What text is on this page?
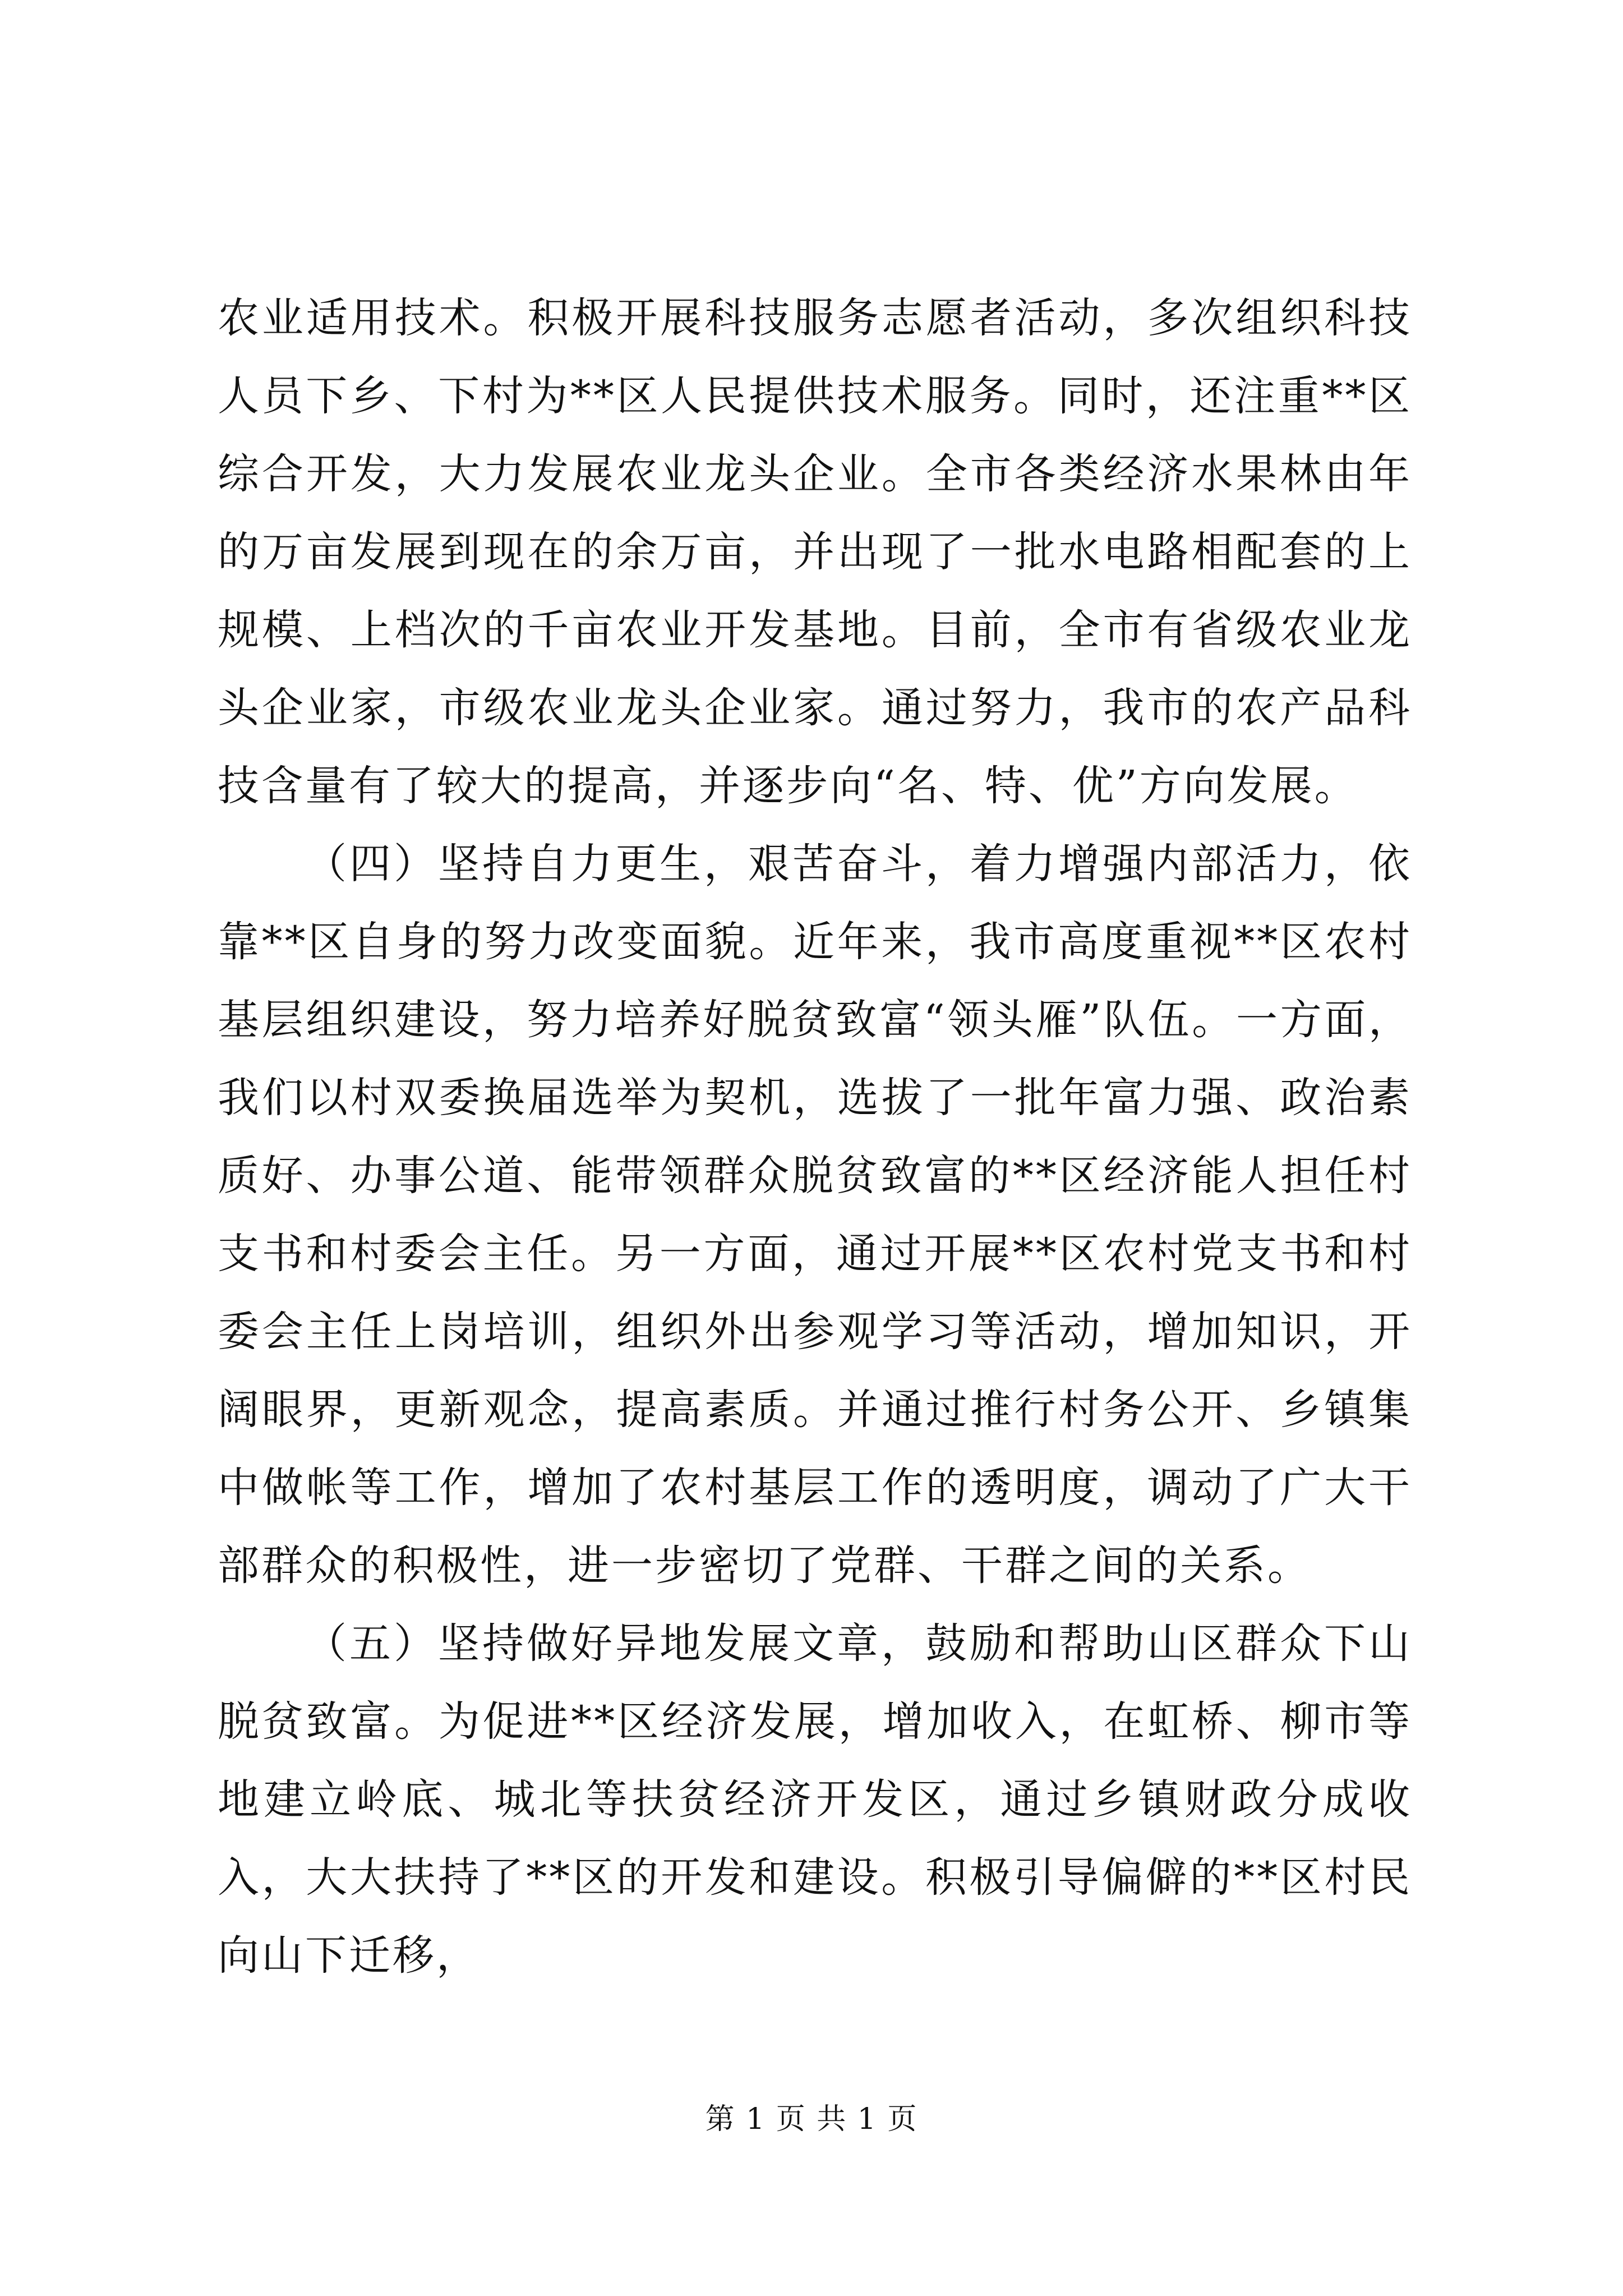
农业适用技术。积极开展科技服务志愿者活动，多次组织科技人员下乡、下村为**区人民提供技术服务。同时，还注重**区综合开发，大力发展农业龙头企业。全市各类经济水果林由年的万亩发展到现在的余万亩，并出现了一批水电路相配套的上规模、上档次的千亩农业开发基地。目前，全市有省级农业龙头企业家，市级农业龙头企业家。通过努力，我市的农产品科技含量有了较大的提高，并逐步向“名、特、优”方向发展。

（四）坚持自力更生，艰苦奋斗，着力增强内部活力，依靠**区自身的努力改变面貌。近年来，我市高度重视**区农村基层组织建设，努力培养好脱贫致富“领头雁”队伍。一方面，我们以村双委换届选举为契机，选拔了一批年富力强、政治素质好、办事公道、能带领群众脱贫致富的**区经济能人担任村支书和村委会主任。另一方面，通过开展**区农村党支书和村委会主任上岗培训，组织外出参观学习等活动，增加知识，开阔眼界，更新观念，提高素质。并通过推行村务公开、乡镇集中做帐等工作，增加了农村基层工作的透明度，调动了广大干部群众的积极性，进一步密切了党群、干群之间的关系。

（五）坚持做好异地发展文章，鼓励和帮助山区群众下山脱贫致富。为促进**区经济发展，增加收入，在虹桥、柳市等地建立岭底、城北等扶贫经济开发区，通过乡镇财政分成收入，大大扶持了**区的开发和建设。积极引导偏僻的**区村民向山下迁移，

第 1 页 共 1 页
